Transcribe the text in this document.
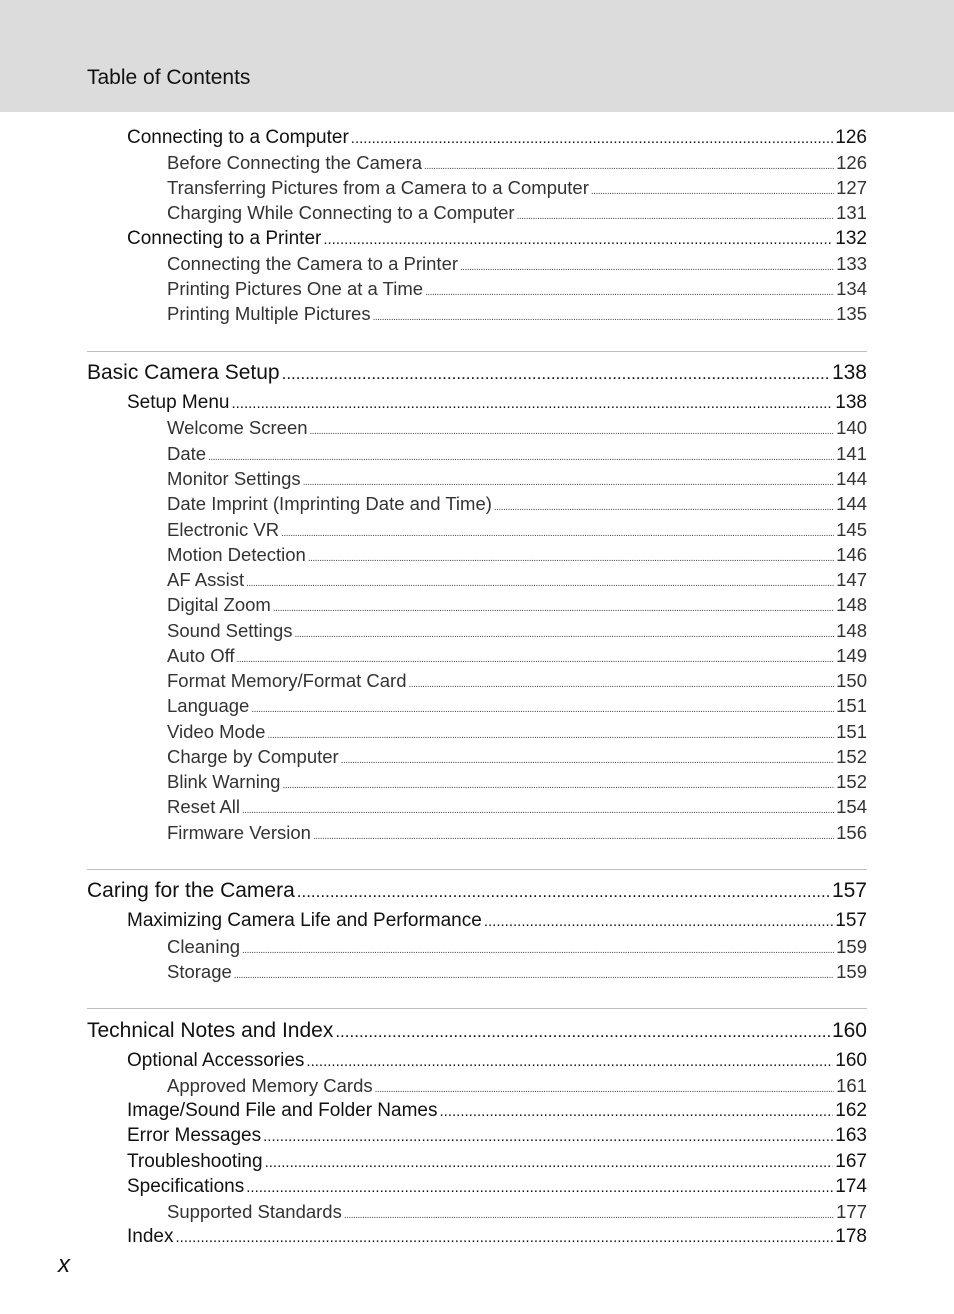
Table of Contents
Connecting to a Computer .....	126
Before Connecting the Camera .....	126
Transferring Pictures from a Camera to a Computer .....	127
Charging While Connecting to a Computer .....	131
Connecting to a Printer .....	132
Connecting the Camera to a Printer .....	133
Printing Pictures One at a Time .....	134
Printing Multiple Pictures .....	135
Basic Camera Setup .....	138
Setup Menu .....	138
Welcome Screen .....	140
Date .....	141
Monitor Settings .....	144
Date Imprint (Imprinting Date and Time) .....	144
Electronic VR .....	145
Motion Detection .....	146
AF Assist .....	147
Digital Zoom .....	148
Sound Settings .....	148
Auto Off .....	149
Format Memory/Format Card .....	150
Language .....	151
Video Mode .....	151
Charge by Computer .....	152
Blink Warning .....	152
Reset All .....	154
Firmware Version .....	156
Caring for the Camera .....	157
Maximizing Camera Life and Performance .....	157
Cleaning .....	159
Storage .....	159
Technical Notes and Index .....	160
Optional Accessories .....	160
Approved Memory Cards .....	161
Image/Sound File and Folder Names .....	162
Error Messages .....	163
Troubleshooting .....	167
Specifications .....	174
Supported Standards .....	177
Index .....	178
x
